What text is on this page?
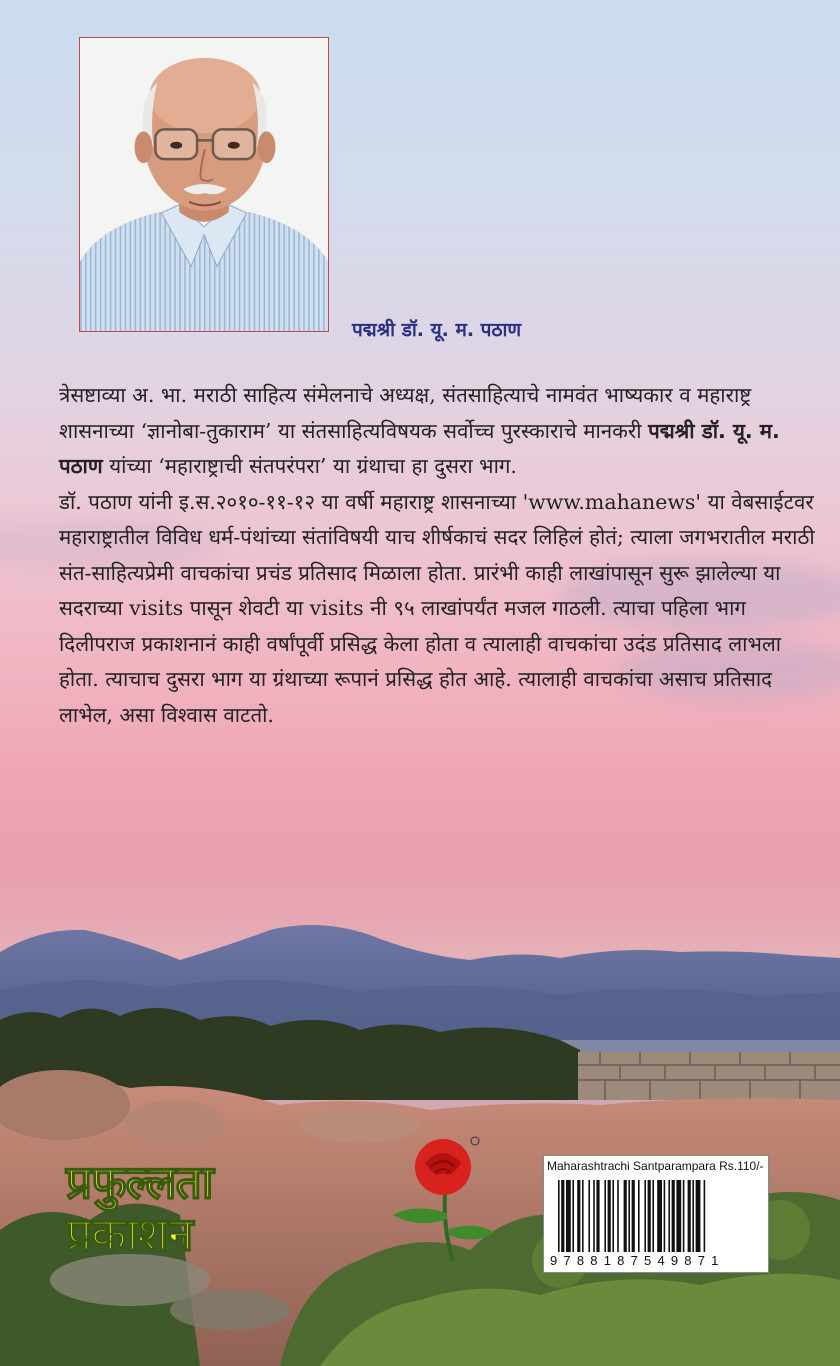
पद्मश्री डॉ. यू. म. पठाण

त्रेसष्टाव्या अ. भा. मराठी साहित्य संमेलनाचे अध्यक्ष, संतसाहित्याचे नामवंत भाष्यकार व महाराष्ट्र शासनाच्या ‘ज्ञानोबा-तुकाराम’ या संतसाहित्यविषयक सर्वोच्च पुरस्काराचे मानकरी पद्मश्री डॉ. यू. म. पठाण यांच्या ‘महाराष्ट्राची संतपरंपरा’ या ग्रंथाचा हा दुसरा भाग.

डॉ. पठाण यांनी इ.स.२०१०-११-१२ या वर्षी महाराष्ट्र शासनाच्या 'www.mahanews' या वेबसाईटवर महाराष्ट्रातील विविध धर्म-पंथांच्या संतांविषयी याच शीर्षकाचं सदर लिहिलं होतं; त्याला जगभरातील मराठी संत-साहित्यप्रेमी वाचकांचा प्रचंड प्रतिसाद मिळाला होता. प्रारंभी काही लाखांपासून सुरू झालेल्या या सदराच्या visits पासून शेवटी या visits नी ९५ लाखांपर्यंत मजल गाठली. त्याचा पहिला भाग दिलीपराज प्रकाशनानं काही वर्षांपूर्वी प्रसिद्ध केला होता व त्यालाही वाचकांचा उदंड प्रतिसाद लाभला होता. त्याचाच दुसरा भाग या ग्रंथाच्या रूपानं प्रसिद्ध होत आहे. त्यालाही वाचकांचा असाच प्रतिसाद लाभेल, असा विश्वास वाटतो.

प्रफुल्लता
प्रकाशन
Maharashtrachi Santparampara Rs.110/-
9788187549871
